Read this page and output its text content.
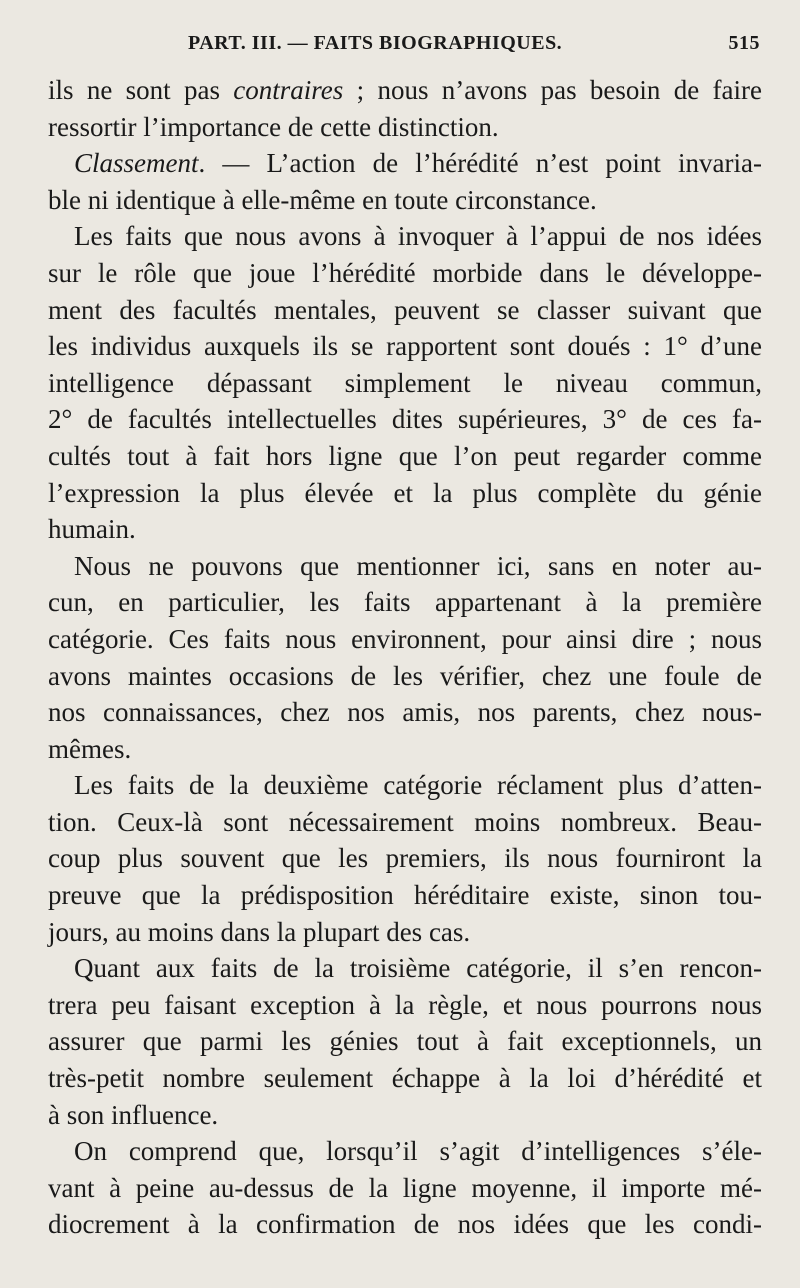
PART. III. — FAITS BIOGRAPHIQUES.	515
ils ne sont pas contraires ; nous n’avons pas besoin de faire
ressortir l’importance de cette distinction.
Classement. — L’action de l’hérédité n’est point invaria-
ble ni identique à elle-même en toute circonstance.
Les faits que nous avons à invoquer à l’appui de nos idées
sur le rôle que joue l’hérédité morbide dans le développe-
ment des facultés mentales, peuvent se classer suivant que
les individus auxquels ils se rapportent sont doués : 1° d’une
intelligence dépassant simplement le niveau commun,
2° de facultés intellectuelles dites supérieures, 3° de ces fa-
cultés tout à fait hors ligne que l’on peut regarder comme
l’expression la plus élevée et la plus complète du génie
humain.
Nous ne pouvons que mentionner ici, sans en noter au-
cun, en particulier, les faits appartenant à la première
catégorie. Ces faits nous environnent, pour ainsi dire ; nous
avons maintes occasions de les vérifier, chez une foule de
nos connaissances, chez nos amis, nos parents, chez nous-
mêmes.
Les faits de la deuxième catégorie réclament plus d’atten-
tion. Ceux-là sont nécessairement moins nombreux. Beau-
coup plus souvent que les premiers, ils nous fourniront la
preuve que la prédisposition héréditaire existe, sinon tou-
jours, au moins dans la plupart des cas.
Quant aux faits de la troisième catégorie, il s’en rencon-
trera peu faisant exception à la règle, et nous pourrons nous
assurer que parmi les génies tout à fait exceptionnels, un
très-petit nombre seulement échappe à la loi d’hérédité et
à son influence.
On comprend que, lorsqu’il s’agit d’intelligences s’éle-
vant à peine au-dessus de la ligne moyenne, il importe mé-
diocrement à la confirmation de nos idées que les condi-
